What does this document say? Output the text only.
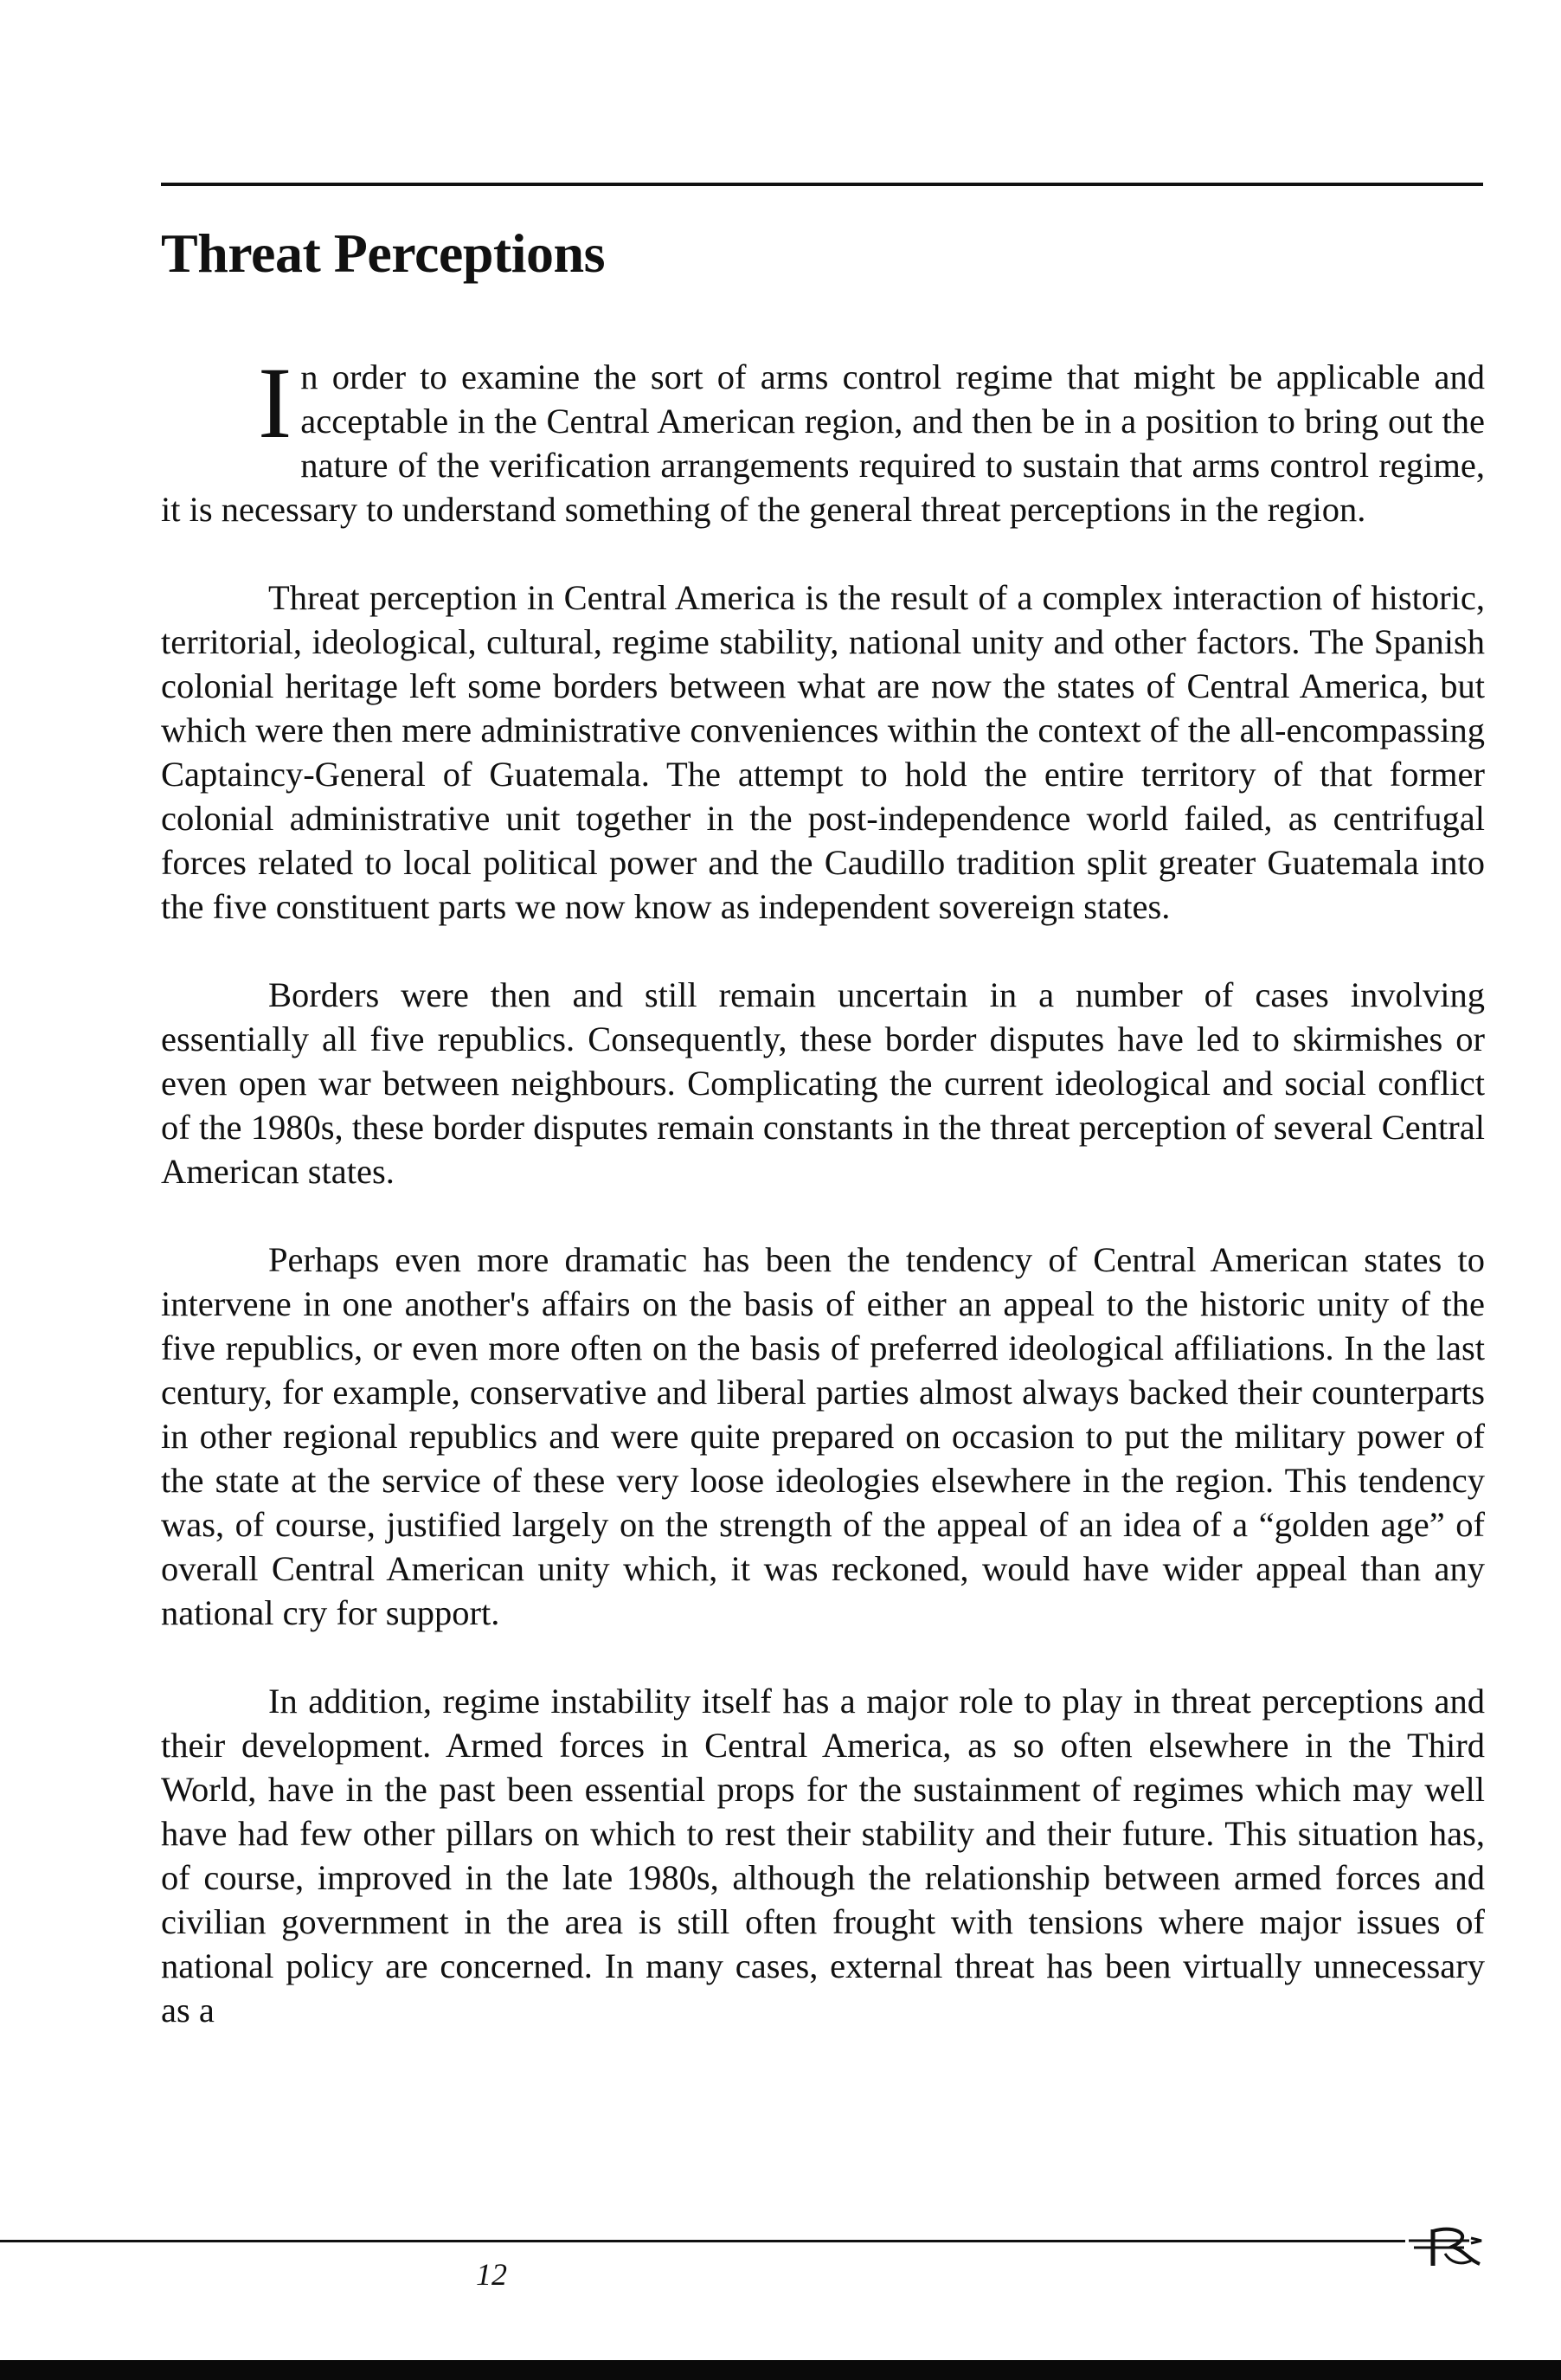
Threat Perceptions

In order to examine the sort of arms control regime that might be applicable and acceptable in the Central American region, and then be in a position to bring out the nature of the verification arrangements required to sustain that arms control regime, it is necessary to understand something of the general threat perceptions in the region.

Threat perception in Central America is the result of a complex interaction of historic, territorial, ideological, cultural, regime stability, national unity and other factors. The Spanish colonial heritage left some borders between what are now the states of Central America, but which were then mere administrative conveniences within the context of the all-encompassing Captaincy-General of Guatemala. The attempt to hold the entire territory of that former colonial administrative unit together in the post-independence world failed, as centrifugal forces related to local political power and the Caudillo tradition split greater Guatemala into the five constituent parts we now know as independent sovereign states.

Borders were then and still remain uncertain in a number of cases involving essentially all five republics. Consequently, these border disputes have led to skirmishes or even open war between neighbours. Complicating the current ideological and social conflict of the 1980s, these border disputes remain constants in the threat perception of several Central American states.

Perhaps even more dramatic has been the tendency of Central American states to intervene in one another's affairs on the basis of either an appeal to the historic unity of the five republics, or even more often on the basis of preferred ideological affiliations. In the last century, for example, conservative and liberal parties almost always backed their counterparts in other regional republics and were quite prepared on occasion to put the military power of the state at the service of these very loose ideologies elsewhere in the region. This tendency was, of course, justified largely on the strength of the appeal of an idea of a “golden age” of overall Central American unity which, it was reckoned, would have wider appeal than any national cry for support.

In addition, regime instability itself has a major role to play in threat perceptions and their development. Armed forces in Central America, as so often elsewhere in the Third World, have in the past been essential props for the sustainment of regimes which may well have had few other pillars on which to rest their stability and their future. This situation has, of course, improved in the late 1980s, although the relationship between armed forces and civilian government in the area is still often frought with tensions where major issues of national policy are concerned. In many cases, external threat has been virtually unnecessary as a

12
